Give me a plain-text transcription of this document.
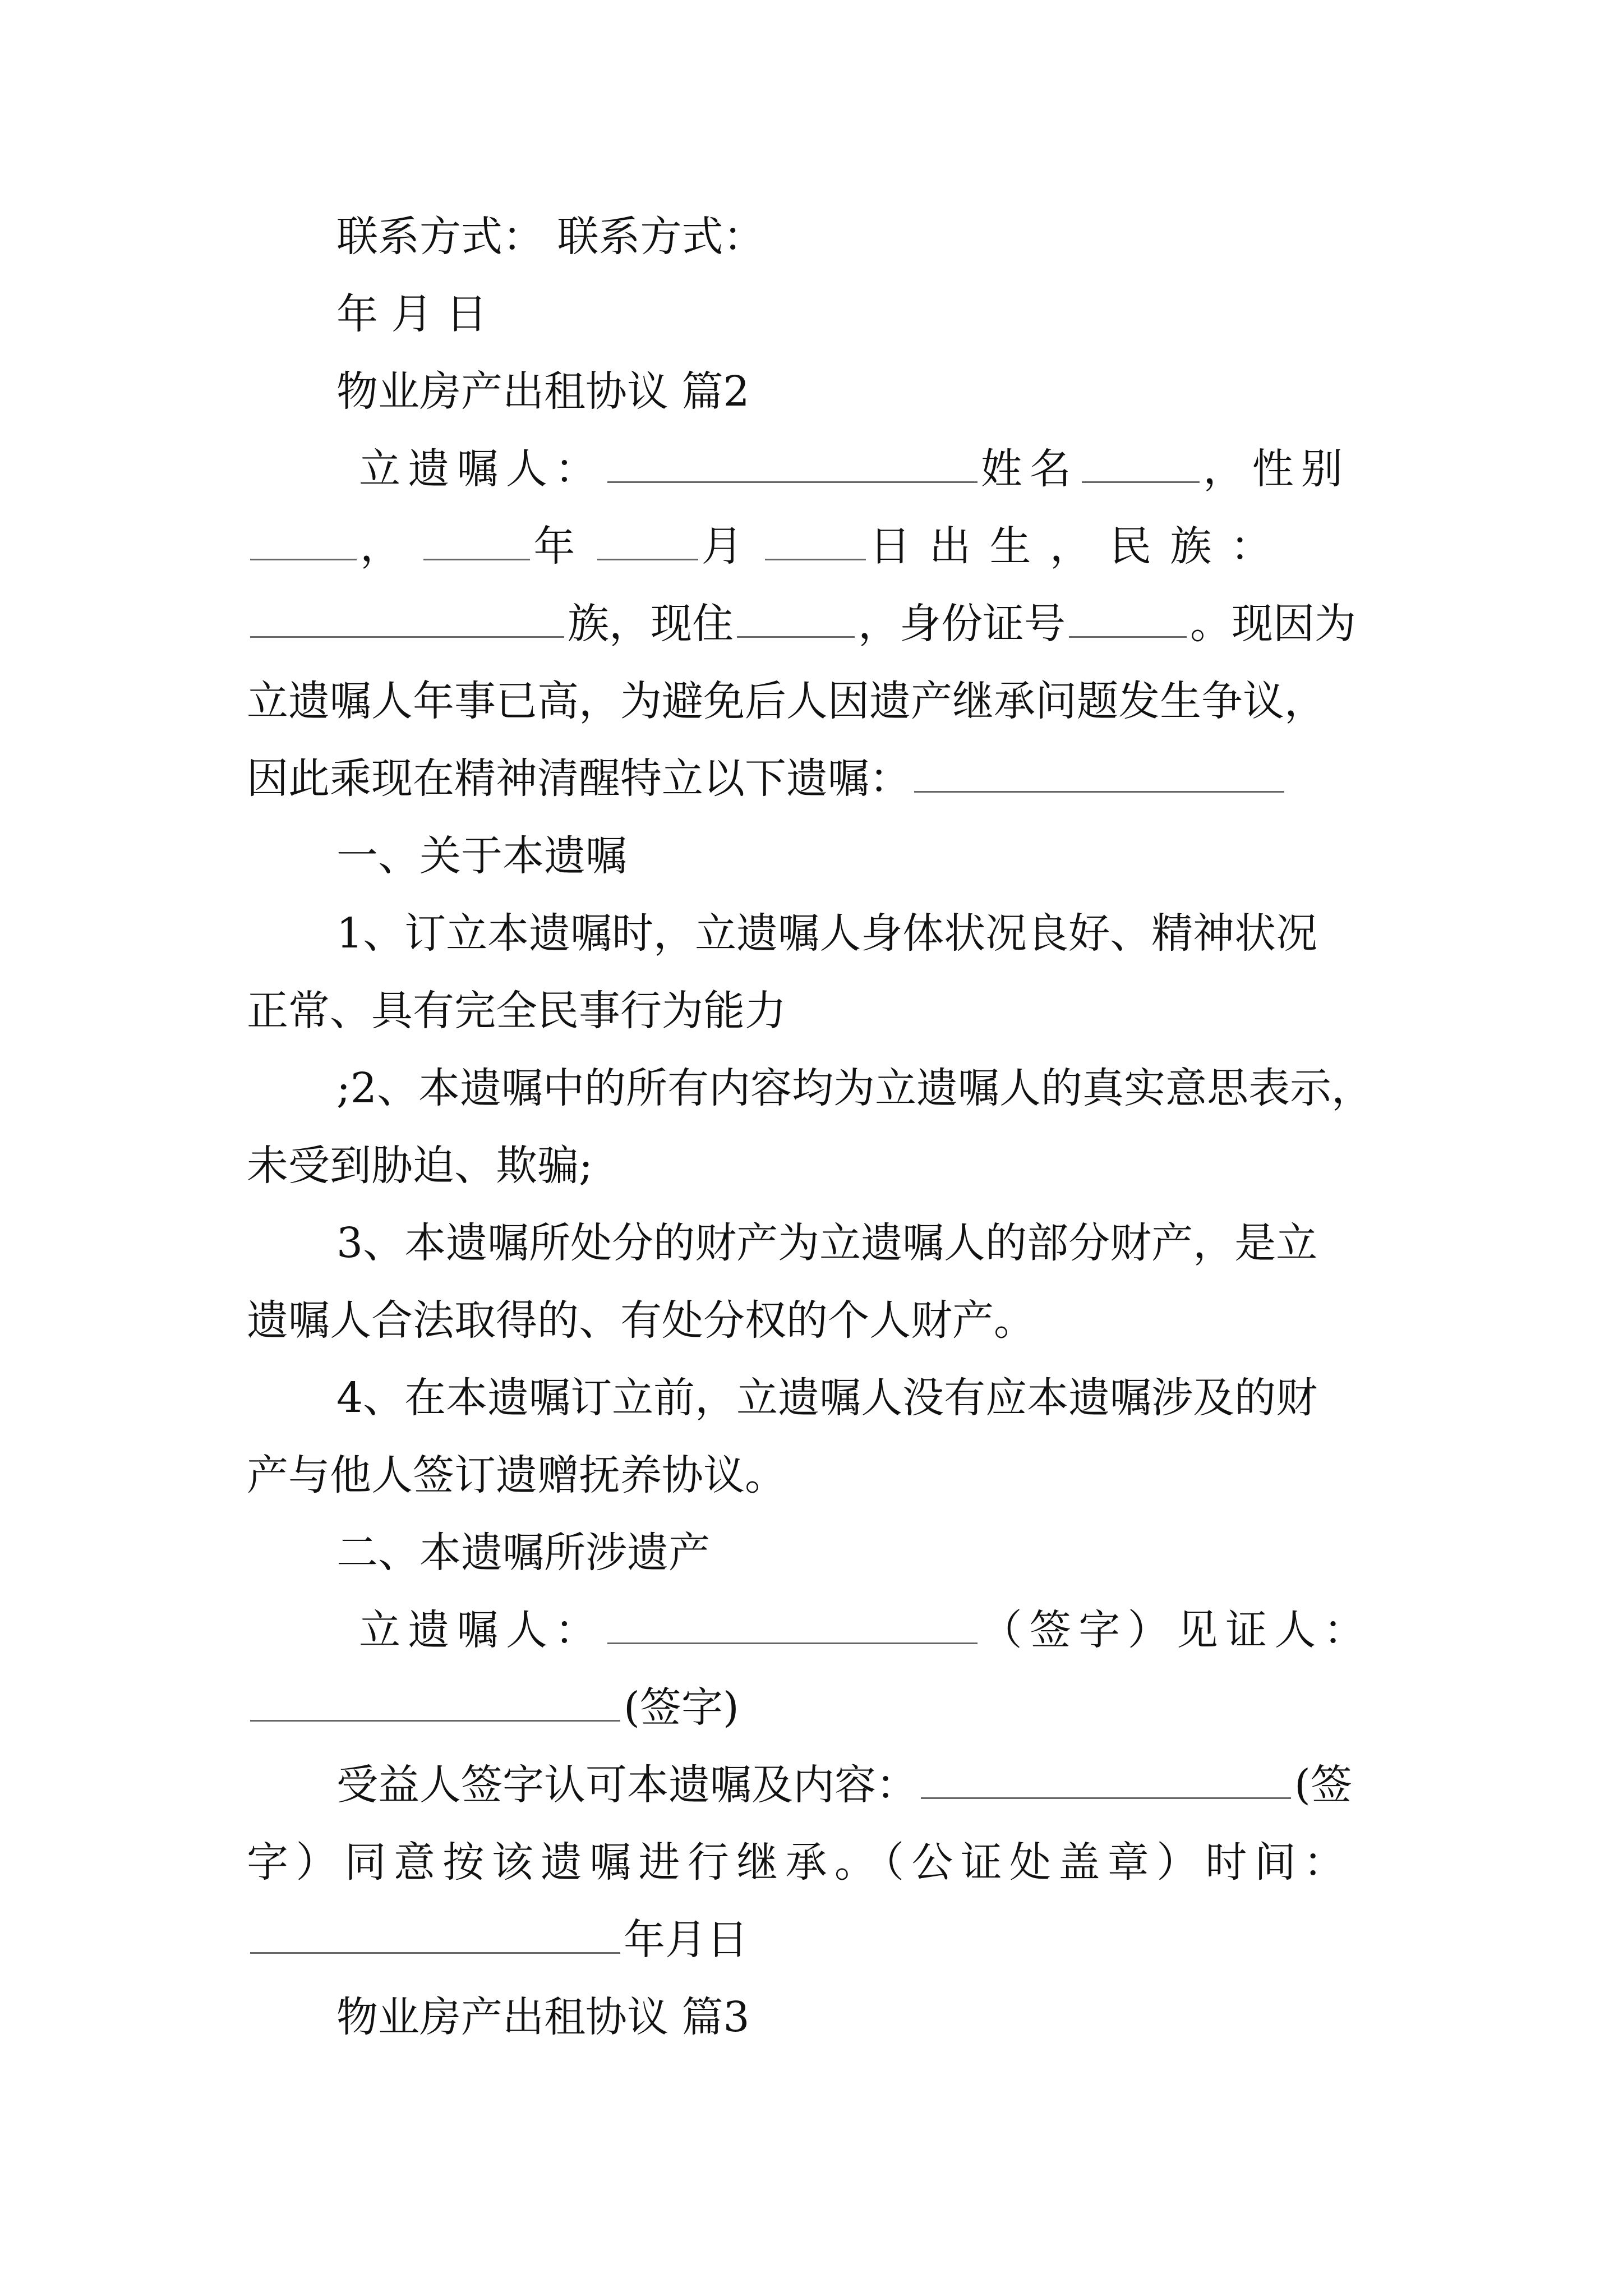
联系方式： 联系方式：
年 月 日
物业房产出租协议 篇2
立遗嘱人：	姓名	，性别
，	年	月	日出生，民族：
族，现住	，身份证号	。现因为
立遗嘱人年事已高，为避免后人因遗产继承问题发生争议，
因此乘现在精神清醒特立以下遗嘱：
一、关于本遗嘱
1、订立本遗嘱时，立遗嘱人身体状况良好、精神状况
正常、具有完全民事行为能力
;2、本遗嘱中的所有内容均为立遗嘱人的真实意思表示，
未受到胁迫、欺骗;
3、本遗嘱所处分的财产为立遗嘱人的部分财产，是立
遗嘱人合法取得的、有处分权的个人财产。
4、在本遗嘱订立前，立遗嘱人没有应本遗嘱涉及的财
产与他人签订遗赠抚养协议。
二、本遗嘱所涉遗产
立遗嘱人：	（签字）见证人：
(签字)
受益人签字认可本遗嘱及内容：	(签
字）同意按该遗嘱进行继承。（公证处盖章）时间：
年月日
物业房产出租协议 篇3
